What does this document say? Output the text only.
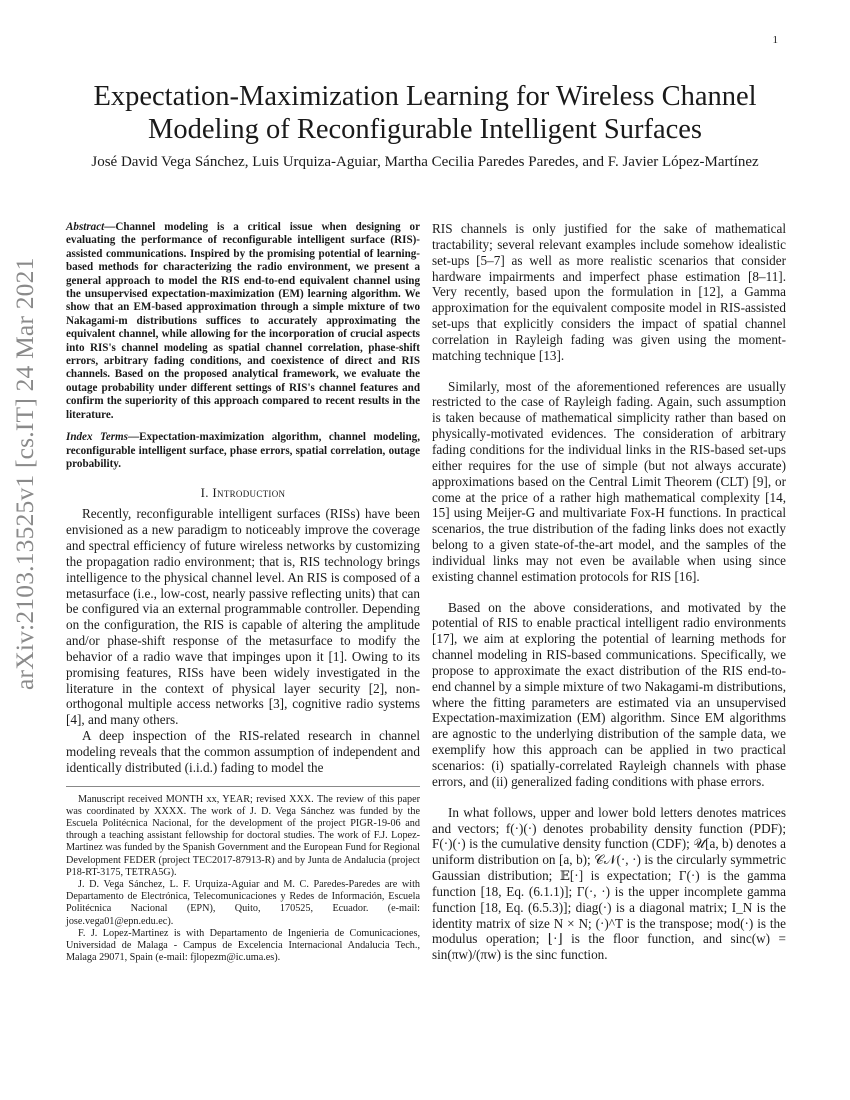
1
arXiv:2103.13525v1 [cs.IT] 24 Mar 2021
Expectation-Maximization Learning for Wireless Channel
Modeling of Reconfigurable Intelligent Surfaces
José David Vega Sánchez, Luis Urquiza-Aguiar, Martha Cecilia Paredes Paredes, and F. Javier López-Martínez

Abstract—Channel modeling is a critical issue when designing or evaluating the performance of reconfigurable intelligent surface (RIS)-assisted communications. Inspired by the promising potential of learning-based methods for characterizing the radio environment, we present a general approach to model the RIS end-to-end equivalent channel using the unsupervised expectation-maximization (EM) learning algorithm. We show that an EM-based approximation through a simple mixture of two Nakagami-m distributions suffices to accurately approximating the equivalent channel, while allowing for the incorporation of crucial aspects into RIS's channel modeling as spatial channel correlation, phase-shift errors, arbitrary fading conditions, and coexistence of direct and RIS channels. Based on the proposed analytical framework, we evaluate the outage probability under different settings of RIS's channel features and confirm the superiority of this approach compared to recent results in the literature.

Index Terms—Expectation-maximization algorithm, channel modeling, reconfigurable intelligent surface, phase errors, spatial correlation, outage probability.

I. Introduction

Recently, reconfigurable intelligent surfaces (RISs) have been envisioned as a new paradigm to noticeably improve the coverage and spectral efficiency of future wireless networks by customizing the propagation radio environment; that is, RIS technology brings intelligence to the physical channel level. An RIS is composed of a metasurface (i.e., low-cost, nearly passive reflecting units) that can be configured via an external programmable controller. Depending on the configuration, the RIS is capable of altering the amplitude and/or phase-shift response of the metasurface to modify the behavior of a radio wave that impinges upon it [1]. Owing to its promising features, RISs have been widely investigated in the literature in the context of physical layer security [2], non-orthogonal multiple access networks [3], cognitive radio systems [4], and many others.

A deep inspection of the RIS-related research in channel modeling reveals that the common assumption of independent and identically distributed (i.i.d.) fading to model the

Manuscript received MONTH xx, YEAR; revised XXX. The review of this paper was coordinated by XXXX. The work of J. D. Vega Sánchez was funded by the Escuela Politécnica Nacional, for the development of the project PIGR-19-06 and through a teaching assistant fellowship for doctoral studies. The work of F.J. Lopez-Martinez was funded by the Spanish Government and the European Fund for Regional Development FEDER (project TEC2017-87913-R) and by Junta de Andalucia (project P18-RT-3175, TETRA5G).

J. D. Vega Sánchez, L. F. Urquiza-Aguiar and M. C. Paredes-Paredes are with Departamento de Electrónica, Telecomunicaciones y Redes de Información, Escuela Politécnica Nacional (EPN), Quito, 170525, Ecuador. (e-mail: jose.vega01@epn.edu.ec).

F. J. Lopez-Martinez is with Departamento de Ingenieria de Comunicaciones, Universidad de Malaga - Campus de Excelencia Internacional Andalucia Tech., Malaga 29071, Spain (e-mail: fjlopezm@ic.uma.es).

RIS channels is only justified for the sake of mathematical tractability; several relevant examples include somehow idealistic set-ups [5–7] as well as more realistic scenarios that consider hardware impairments and imperfect phase estimation [8–11]. Very recently, based upon the formulation in [12], a Gamma approximation for the equivalent composite model in RIS-assisted set-ups that explicitly considers the impact of spatial channel correlation in Rayleigh fading was given using the moment-matching technique [13].

Similarly, most of the aforementioned references are usually restricted to the case of Rayleigh fading. Again, such assumption is taken because of mathematical simplicity rather than based on physically-motivated evidences. The consideration of arbitrary fading conditions for the individual links in the RIS-based set-ups either requires for the use of simple (but not always accurate) approximations based on the Central Limit Theorem (CLT) [9], or come at the price of a rather high mathematical complexity [14, 15] using Meijer-G and multivariate Fox-H functions. In practical scenarios, the true distribution of the fading links does not exactly belong to a given state-of-the-art model, and the samples of the individual links may not even be available when using since existing channel estimation protocols for RIS [16].

Based on the above considerations, and motivated by the potential of RIS to enable practical intelligent radio environments [17], we aim at exploring the potential of learning methods for channel modeling in RIS-based communications. Specifically, we propose to approximate the exact distribution of the RIS end-to-end channel by a simple mixture of two Nakagami-m distributions, where the fitting parameters are estimated via an unsupervised Expectation-maximization (EM) algorithm. Since EM algorithms are agnostic to the underlying distribution of the sample data, we exemplify how this approach can be applied in two practical scenarios: (i) spatially-correlated Rayleigh channels with phase errors, and (ii) generalized fading conditions with phase errors.

In what follows, upper and lower bold letters denotes matrices and vectors; f(·)(·) denotes probability density function (PDF); F(·)(·) is the cumulative density function (CDF); 𝒰[a, b) denotes a uniform distribution on [a, b); 𝒞𝒩(·, ·) is the circularly symmetric Gaussian distribution; 𝔼[·] is expectation; Γ(·) is the gamma function [18, Eq. (6.1.1)]; Γ(·, ·) is the upper incomplete gamma function [18, Eq. (6.5.3)]; diag(·) is a diagonal matrix; I_N is the identity matrix of size N × N; (·)^T is the transpose; mod(·) is the modulus operation; ⌊·⌋ is the floor function, and sinc(w) = sin(πw)/(πw) is the sinc function.
